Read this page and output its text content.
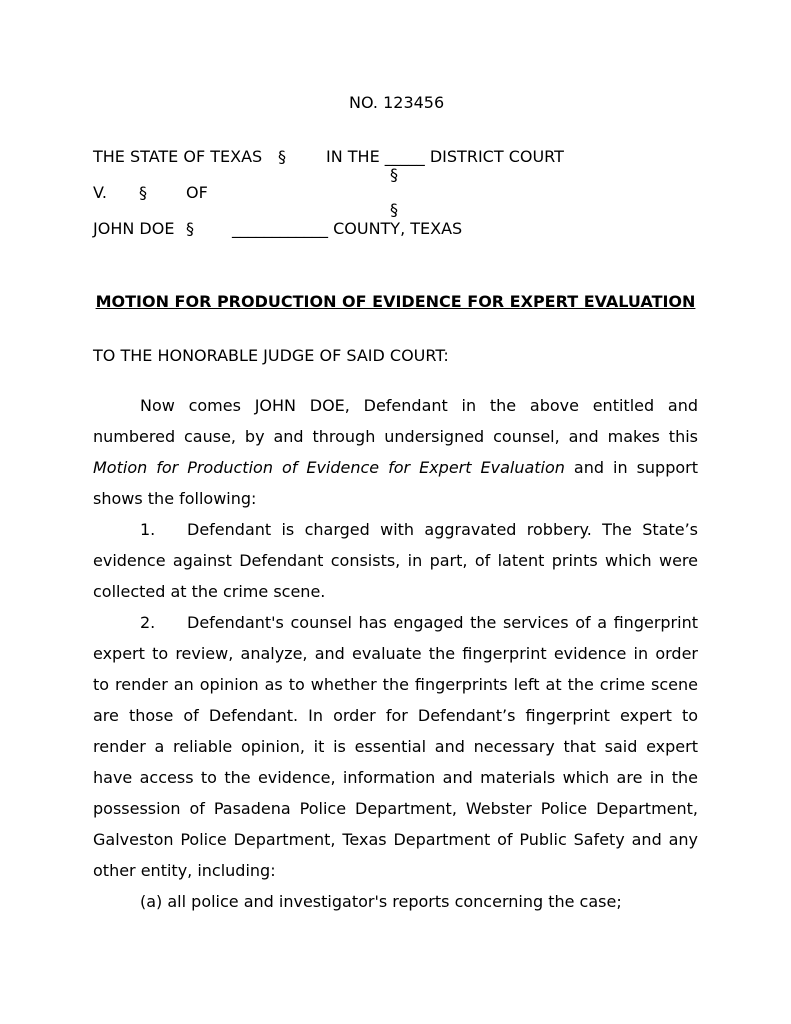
NO. 123456
THE STATE OF TEXAS §	IN THE _____ DISTRICT COURT
§
V. § OF
§
JOHN DOE § ____________ COUNTY, TEXAS
MOTION FOR PRODUCTION OF EVIDENCE FOR EXPERT EVALUATION
TO THE HONORABLE JUDGE OF SAID COURT:
Now comes JOHN DOE, Defendant in the above entitled and numbered cause, by and through undersigned counsel, and makes this Motion for Production of Evidence for Expert Evaluation and in support shows the following:
1. Defendant is charged with aggravated robbery. The State’s evidence against Defendant consists, in part, of latent prints which were collected at the crime scene.
2. Defendant's counsel has engaged the services of a fingerprint expert to review, analyze, and evaluate the fingerprint evidence in order to render an opinion as to whether the fingerprints left at the crime scene are those of Defendant. In order for Defendant’s fingerprint expert to render a reliable opinion, it is essential and necessary that said expert have access to the evidence, information and materials which are in the possession of Pasadena Police Department, Webster Police Department, Galveston Police Department, Texas Department of Public Safety and any other entity, including:
(a) all police and investigator's reports concerning the case;
